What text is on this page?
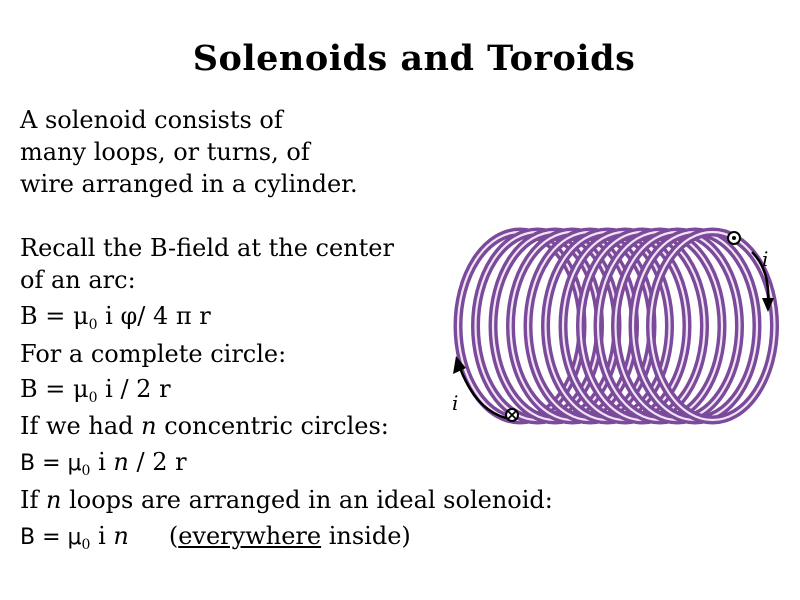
Solenoids and Toroids
A solenoid consists of
many loops, or turns, of
wire arranged in a cylinder.
Recall the B-field at the center
of an arc:
$B = \mu_0$ i φ/ 4 π r
For a complete circle:
$B = \mu_0$ i / 2 r
If we had n concentric circles:
$B = \mu_0$ i n / 2 r
If n loops are arranged in an ideal solenoid:
$B = \mu_0$ i n (everywhere inside)
i
i
